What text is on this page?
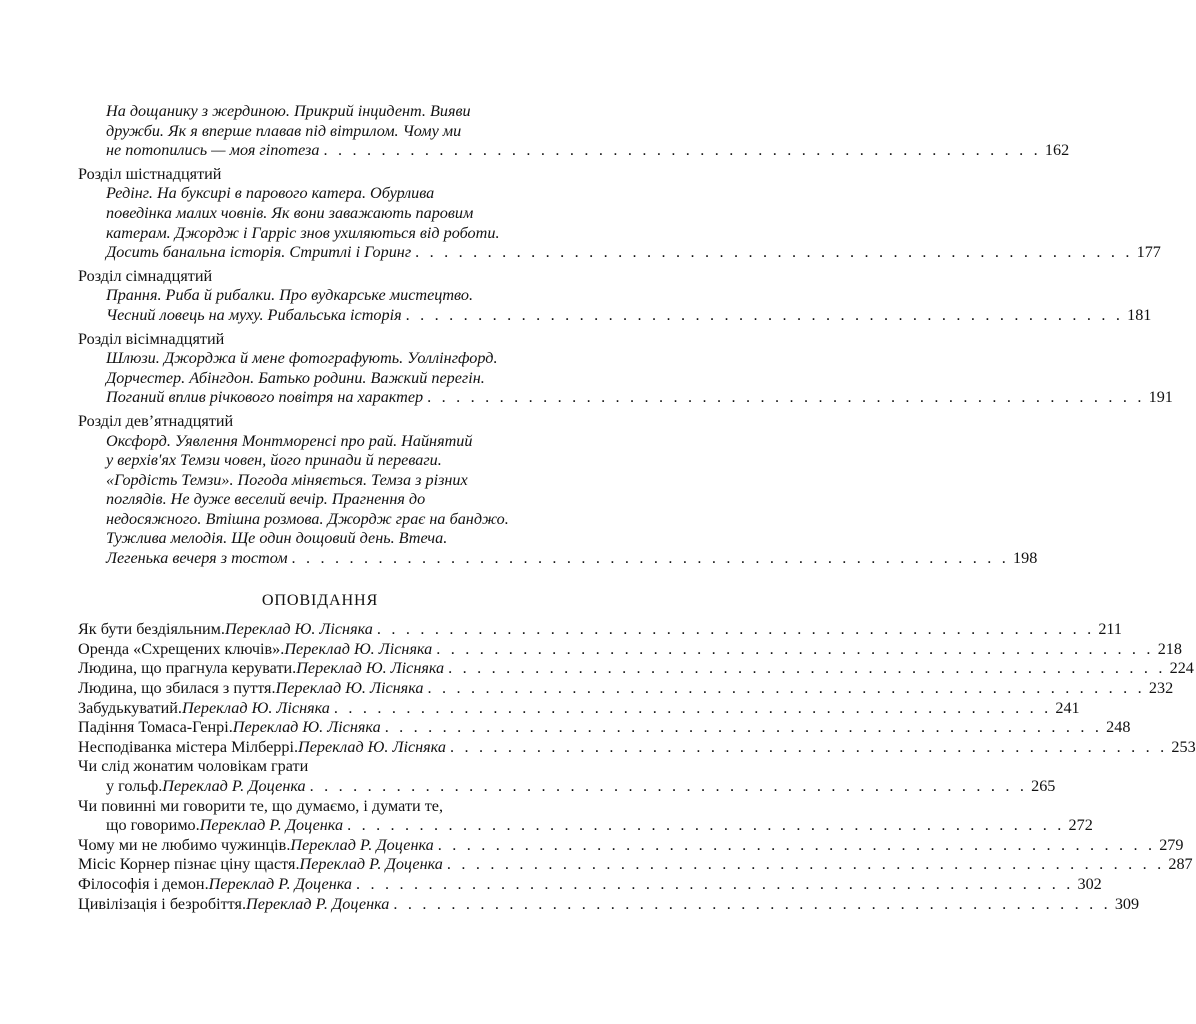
На дощанику з жердиною. Прикрий інцидент. Вияви
дружби. Як я вперше плавав під вітрилом. Чому ми
не потопились — моя гіпотеза . . . . . . . . . . . . . . . . . . . . . . . . . . . . . . . . . . . . . . . . . . . . . . . . . . 162
Розділ шістнадцятий
Редінг. На буксирі в парового катера. Обурлива
поведінка малих човнів. Як вони заважають паровим
катерам. Джордж і Гарріс знов ухиляються від роботи.
Досить банальна історія. Стритлі і Горинг . . . . . . . . . . . . . . . . . . . . . . . . . . . . . . . . . . . . . . . . . . . . . . . . . . 177
Розділ сімнадцятий
Прання. Риба й рибалки. Про вудкарське мистецтво.
Чесний ловець на муху. Рибальська історія . . . . . . . . . . . . . . . . . . . . . . . . . . . . . . . . . . . . . . . . . . . . . . . . . . 181
Розділ вісімнадцятий
Шлюзи. Джорджа й мене фотографують. Уоллінгфорд.
Дорчестер. Абінгдон. Батько родини. Важкий перегін.
Поганий вплив річкового повітря на характер . . . . . . . . . . . . . . . . . . . . . . . . . . . . . . . . . . . . . . . . . . . . . . . . . . 191
Розділ дев’ятнадцятий
Оксфорд. Уявлення Монтморенсі про рай. Найнятий
у верхів'ях Темзи човен, його принади й переваги.
«Гордість Темзи». Погода міняється. Темза з різних
поглядів. Не дуже веселий вечір. Прагнення до
недосяжного. Втішна розмова. Джордж грає на банджо.
Тужлива мелодія. Ще один дощовий день. Втеча.
Легенька вечеря з тостом . . . . . . . . . . . . . . . . . . . . . . . . . . . . . . . . . . . . . . . . . . . . . . . . . . 198
ОПОВІДАННЯ
Як бути бездіяльним. Переклад Ю. Лісняка . . . . . . . . . . . . . . . . . . . . . . . . . . . . . . . . . . . . . . . . . . . . . . . . . . 211
Оренда «Схрещених ключів». Переклад Ю. Лісняка . . . . . . . . . . . . . . . . . . . . . . . . . . . . . . . . . . . . . . . . . . . . . . . . . . 218
Людина, що прагнула керувати. Переклад Ю. Лісняка . . . . . . . . . . . . . . . . . . . . . . . . . . . . . . . . . . . . . . . . . . . . . . . . . . 224
Людина, що збилася з пуття. Переклад Ю. Лісняка . . . . . . . . . . . . . . . . . . . . . . . . . . . . . . . . . . . . . . . . . . . . . . . . . . 232
Забудькуватий. Переклад Ю. Лісняка . . . . . . . . . . . . . . . . . . . . . . . . . . . . . . . . . . . . . . . . . . . . . . . . . . 241
Падіння Томаса-Генрі. Переклад Ю. Лісняка . . . . . . . . . . . . . . . . . . . . . . . . . . . . . . . . . . . . . . . . . . . . . . . . . . 248
Несподіванка містера Мілберрі. Переклад Ю. Лісняка . . . . . . . . . . . . . . . . . . . . . . . . . . . . . . . . . . . . . . . . . . . . . . . . . . 253
Чи слід жонатим чоловікам грати
у гольф. Переклад Р. Доценка . . . . . . . . . . . . . . . . . . . . . . . . . . . . . . . . . . . . . . . . . . . . . . . . . . 265
Чи повинні ми говорити те, що думаємо, і думати те,
що говоримо. Переклад Р. Доценка . . . . . . . . . . . . . . . . . . . . . . . . . . . . . . . . . . . . . . . . . . . . . . . . . . 272
Чому ми не любимо чужинців. Переклад Р. Доценка . . . . . . . . . . . . . . . . . . . . . . . . . . . . . . . . . . . . . . . . . . . . . . . . . . 279
Місіс Корнер пізнає ціну щастя. Переклад Р. Доценка . . . . . . . . . . . . . . . . . . . . . . . . . . . . . . . . . . . . . . . . . . . . . . . . . . 287
Філософія і демон. Переклад Р. Доценка . . . . . . . . . . . . . . . . . . . . . . . . . . . . . . . . . . . . . . . . . . . . . . . . . . 302
Цивілізація і безробіття. Переклад Р. Доценка . . . . . . . . . . . . . . . . . . . . . . . . . . . . . . . . . . . . . . . . . . . . . . . . . . 309
